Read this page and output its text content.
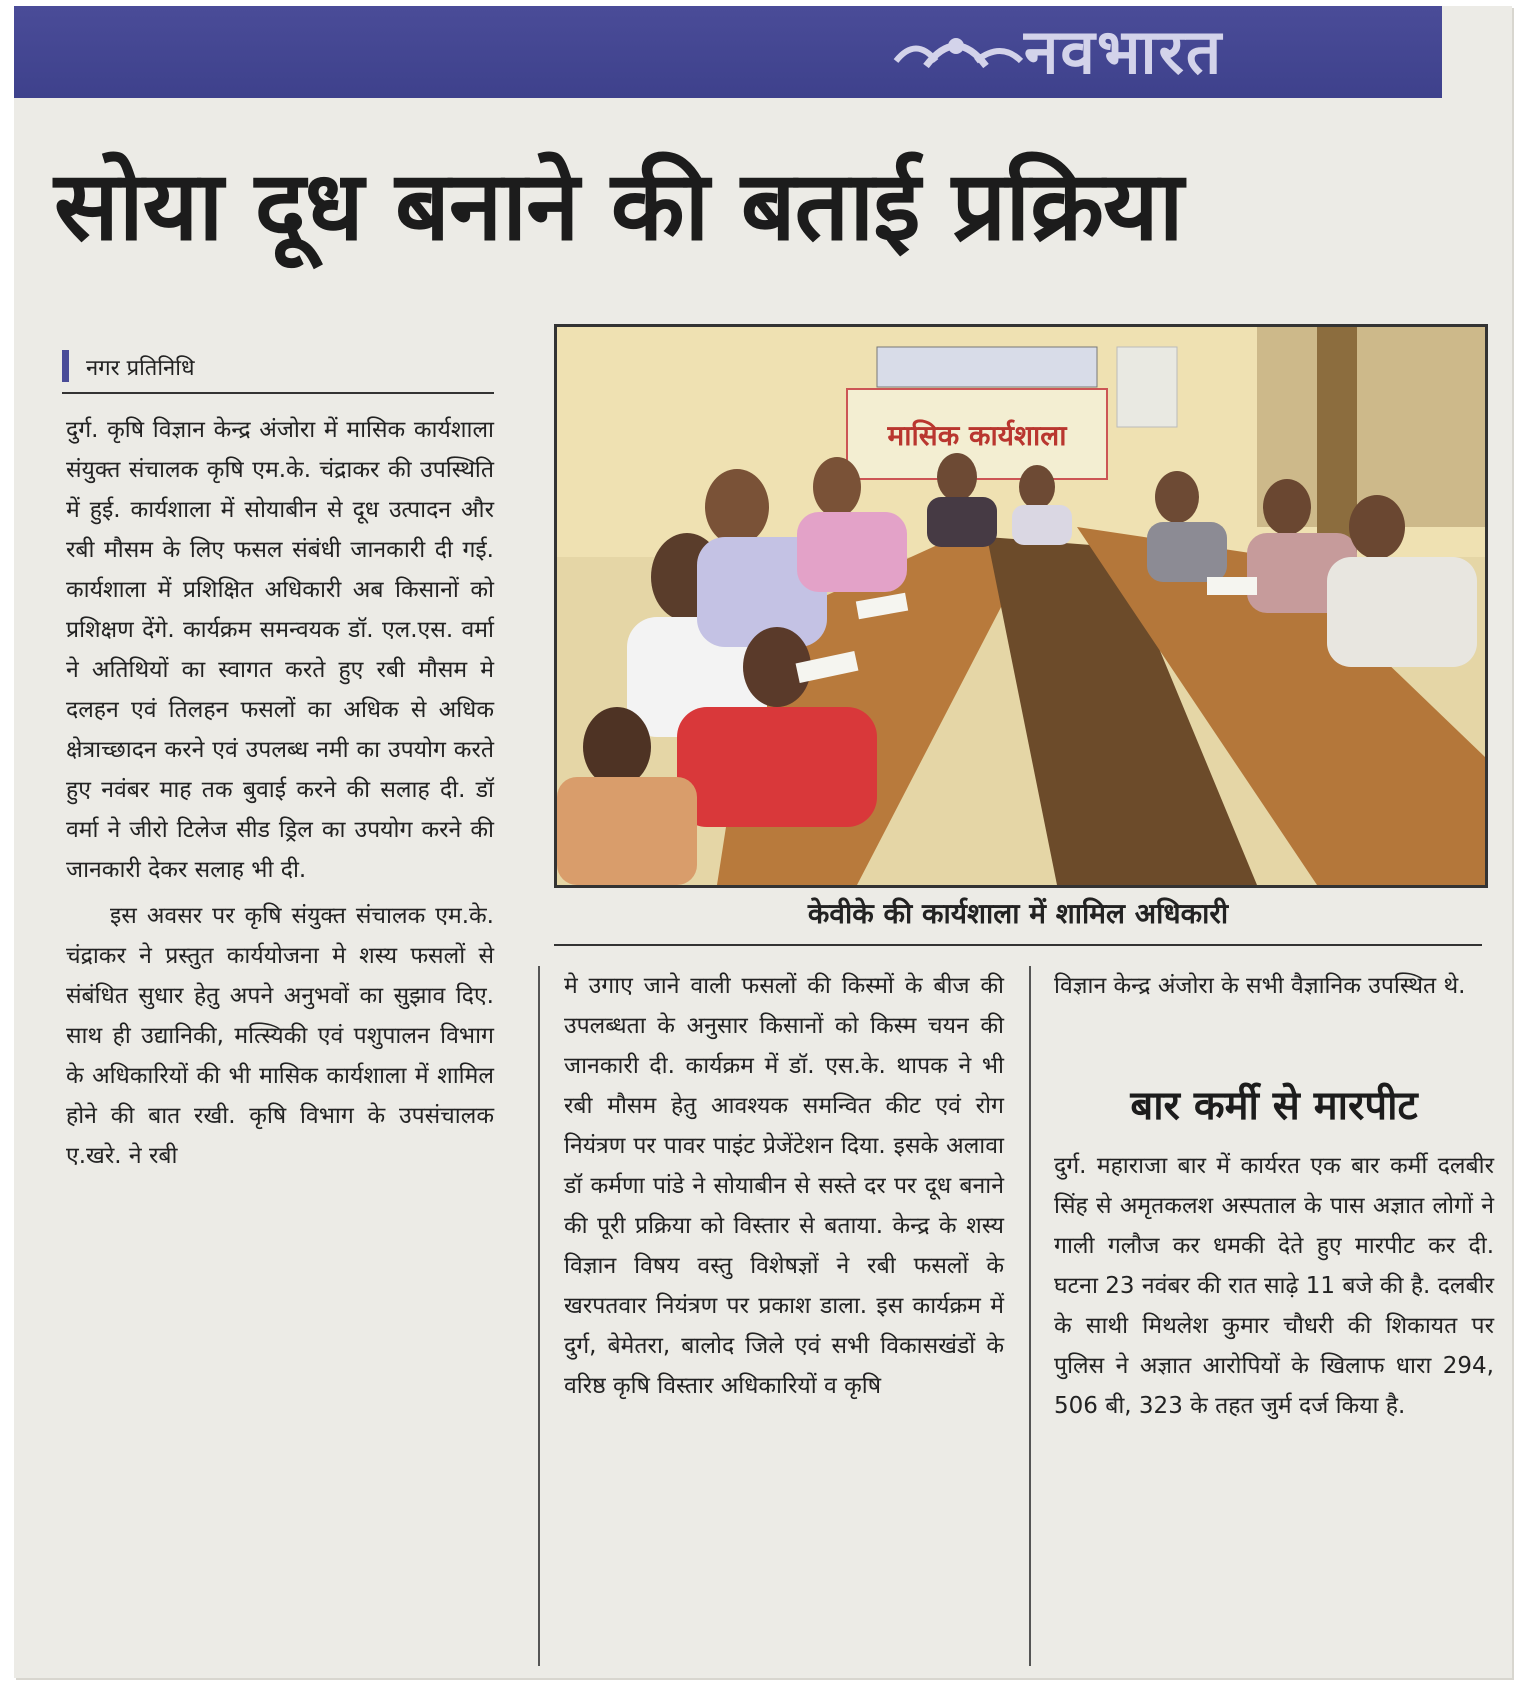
नवभारत
सोया दूध बनाने की बताई प्रक्रिया
नगर प्रतिनिधि

दुर्ग. कृषि विज्ञान केन्द्र अंजोरा में मासिक कार्यशाला संयुक्त संचालक कृषि एम.के. चंद्राकर की उपस्थिति में हुई. कार्यशाला में सोयाबीन से दूध उत्पादन और रबी मौसम के लिए फसल संबंधी जानकारी दी गई. कार्यशाला में प्रशिक्षित अधिकारी अब किसानों को प्रशिक्षण देंगे. कार्यक्रम समन्वयक डॉ. एल.एस. वर्मा ने अतिथियों का स्वागत करते हुए रबी मौसम मे दलहन एवं तिलहन फसलों का अधिक से अधिक क्षेत्राच्छादन करने एवं उपलब्ध नमी का उपयोग करते हुए नवंबर माह तक बुवाई करने की सलाह दी. डॉ वर्मा ने जीरो टिलेज सीड ड्रिल का उपयोग करने की जानकारी देकर सलाह भी दी.

इस अवसर पर कृषि संयुक्त संचालक एम.के. चंद्राकर ने प्रस्तुत कार्ययोजना मे शस्य फसलों से संबंधित सुधार हेतु अपने अनुभवों का सुझाव दिए. साथ ही उद्यानिकी, मत्स्यिकी एवं पशुपालन विभाग के अधिकारियों की भी मासिक कार्यशाला में शामिल होने की बात रखी. कृषि विभाग के उपसंचालक ए.खरे. ने रबी

मासिक कार्यशाला
केवीके की कार्यशाला में शामिल अधिकारी

मे उगाए जाने वाली फसलों की किस्मों के बीज की उपलब्धता के अनुसार किसानों को किस्म चयन की जानकारी दी. कार्यक्रम में डॉ. एस.के. थापक ने भी रबी मौसम हेतु आवश्यक समन्वित कीट एवं रोग नियंत्रण पर पावर पाइंट प्रेजेंटेशन दिया. इसके अलावा डॉ कर्मणा पांडे ने सोयाबीन से सस्ते दर पर दूध बनाने की पूरी प्रक्रिया को विस्तार से बताया. केन्द्र के शस्य विज्ञान विषय वस्तु विशेषज्ञों ने रबी फसलों के खरपतवार नियंत्रण पर प्रकाश डाला. इस कार्यक्रम में दुर्ग, बेमेतरा, बालोद जिले एवं सभी विकासखंडों के वरिष्ठ कृषि विस्तार अधिकारियों व कृषि

विज्ञान केन्द्र अंजोरा के सभी वैज्ञानिक उपस्थित थे.

बार कर्मी से मारपीट

दुर्ग. महाराजा बार में कार्यरत एक बार कर्मी दलबीर सिंह से अमृतकलश अस्पताल के पास अज्ञात लोगों ने गाली गलौज कर धमकी देते हुए मारपीट कर दी. घटना 23 नवंबर की रात साढ़े 11 बजे की है. दलबीर के साथी मिथलेश कुमार चौधरी की शिकायत पर पुलिस ने अज्ञात आरोपियों के खिलाफ धारा 294, 506 बी, 323 के तहत जुर्म दर्ज किया है.
